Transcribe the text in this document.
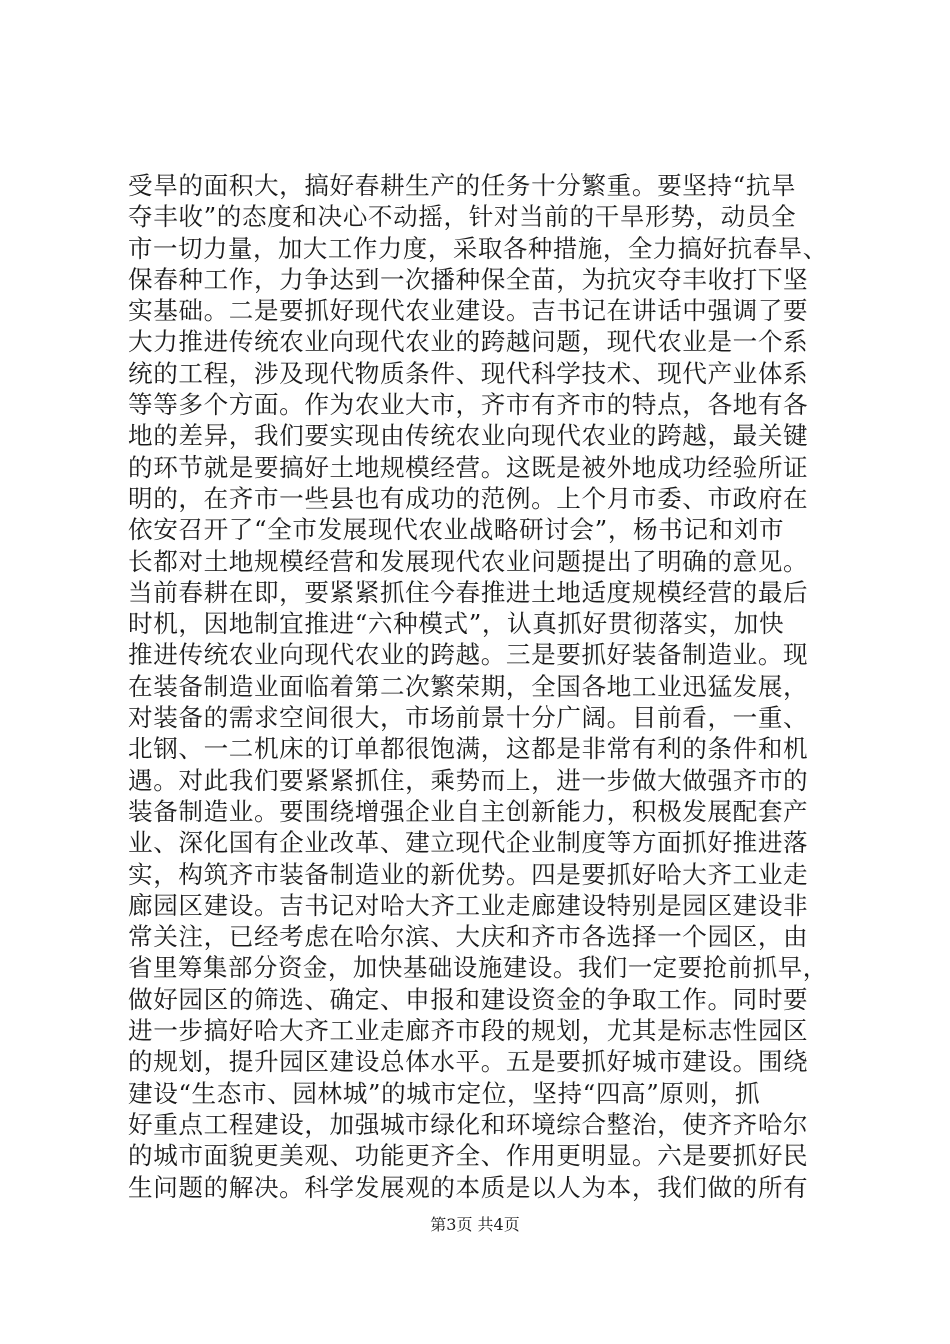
受旱的面积大，搞好春耕生产的任务十分繁重。要坚持“抗旱
夺丰收”的态度和决心不动摇，针对当前的干旱形势，动员全
市一切力量，加大工作力度，采取各种措施，全力搞好抗春旱、
保春种工作，力争达到一次播种保全苗，为抗灾夺丰收打下坚
实基础。二是要抓好现代农业建设。吉书记在讲话中强调了要
大力推进传统农业向现代农业的跨越问题，现代农业是一个系
统的工程，涉及现代物质条件、现代科学技术、现代产业体系
等等多个方面。作为农业大市，齐市有齐市的特点，各地有各
地的差异，我们要实现由传统农业向现代农业的跨越，最关键
的环节就是要搞好土地规模经营。这既是被外地成功经验所证
明的，在齐市一些县也有成功的范例。上个月市委、市政府在
依安召开了“全市发展现代农业战略研讨会”，杨书记和刘市
长都对土地规模经营和发展现代农业问题提出了明确的意见。
当前春耕在即，要紧紧抓住今春推进土地适度规模经营的最后
时机，因地制宜推进“六种模式”，认真抓好贯彻落实，加快
推进传统农业向现代农业的跨越。三是要抓好装备制造业。现
在装备制造业面临着第二次繁荣期，全国各地工业迅猛发展，
对装备的需求空间很大，市场前景十分广阔。目前看，一重、
北钢、一二机床的订单都很饱满，这都是非常有利的条件和机
遇。对此我们要紧紧抓住，乘势而上，进一步做大做强齐市的
装备制造业。要围绕增强企业自主创新能力，积极发展配套产
业、深化国有企业改革、建立现代企业制度等方面抓好推进落
实，构筑齐市装备制造业的新优势。四是要抓好哈大齐工业走
廊园区建设。吉书记对哈大齐工业走廊建设特别是园区建设非
常关注，已经考虑在哈尔滨、大庆和齐市各选择一个园区，由
省里筹集部分资金，加快基础设施建设。我们一定要抢前抓早，
做好园区的筛选、确定、申报和建设资金的争取工作。同时要
进一步搞好哈大齐工业走廊齐市段的规划，尤其是标志性园区
的规划，提升园区建设总体水平。五是要抓好城市建设。围绕
建设“生态市、园林城”的城市定位，坚持“四高”原则，抓
好重点工程建设，加强城市绿化和环境综合整治，使齐齐哈尔
的城市面貌更美观、功能更齐全、作用更明显。六是要抓好民
生问题的解决。科学发展观的本质是以人为本，我们做的所有
第3页 共4页
